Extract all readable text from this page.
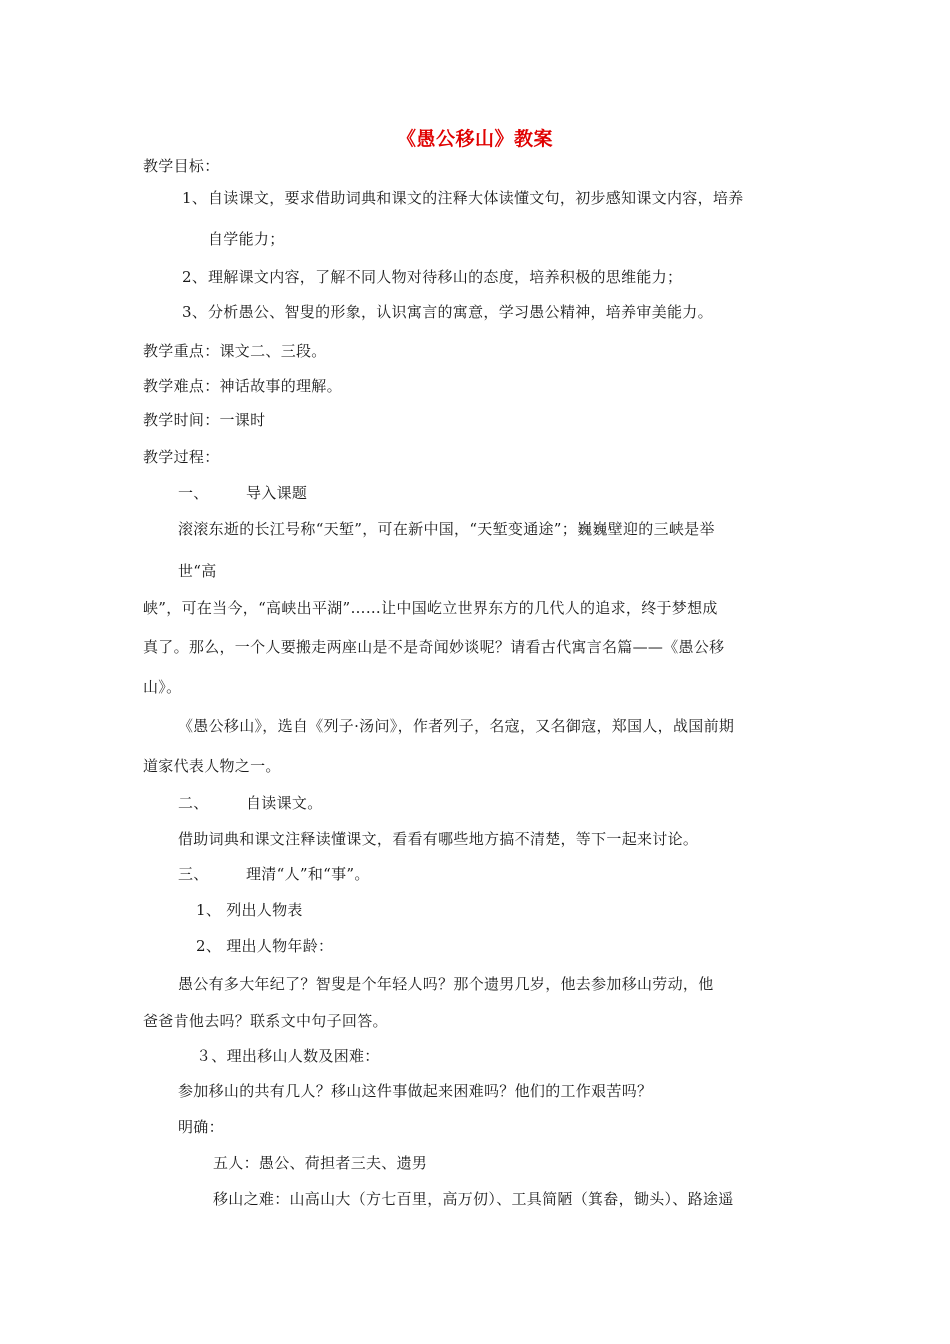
《愚公移山》教案
教学目标：
1、 自读课文，要求借助词典和课文的注释大体读懂文句，初步感知课文内容，培养
自学能力；
2、 理解课文内容，了解不同人物对待移山的态度，培养积极的思维能力；
3、 分析愚公、智叟的形象，认识寓言的寓意，学习愚公精神，培养审美能力。
教学重点：课文二、三段。
教学难点：神话故事的理解。
教学时间：一课时
教学过程：
一、 导入课题
滚滚东逝的长江号称“天堑”，可在新中国，“天堑变通途”；巍巍壁迎的三峡是举
世“高
峡”，可在当今，“高峡出平湖”……让中国屹立世界东方的几代人的追求，终于梦想成
真了。那么，一个人要搬走两座山是不是奇闻妙谈呢？请看古代寓言名篇——《愚公移
山》。
《愚公移山》，选自《列子·汤问》，作者列子，名寇，又名御寇，郑国人，战国前期
道家代表人物之一。
二、 自读课文。
借助词典和课文注释读懂课文，看看有哪些地方搞不清楚，等下一起来讨论。
三、 理清“人”和“事”。
1、 列出人物表
2、 理出人物年龄：
愚公有多大年纪了？智叟是个年轻人吗？那个遗男几岁，他去参加移山劳动，他
爸爸肯他去吗？联系文中句子回答。
３、理出移山人数及困难：
参加移山的共有几人？移山这件事做起来困难吗？他们的工作艰苦吗？
明确：
五人：愚公、荷担者三夫、遗男
移山之难：山高山大（方七百里，高万仞）、工具简陋（箕畚，锄头）、路途遥
